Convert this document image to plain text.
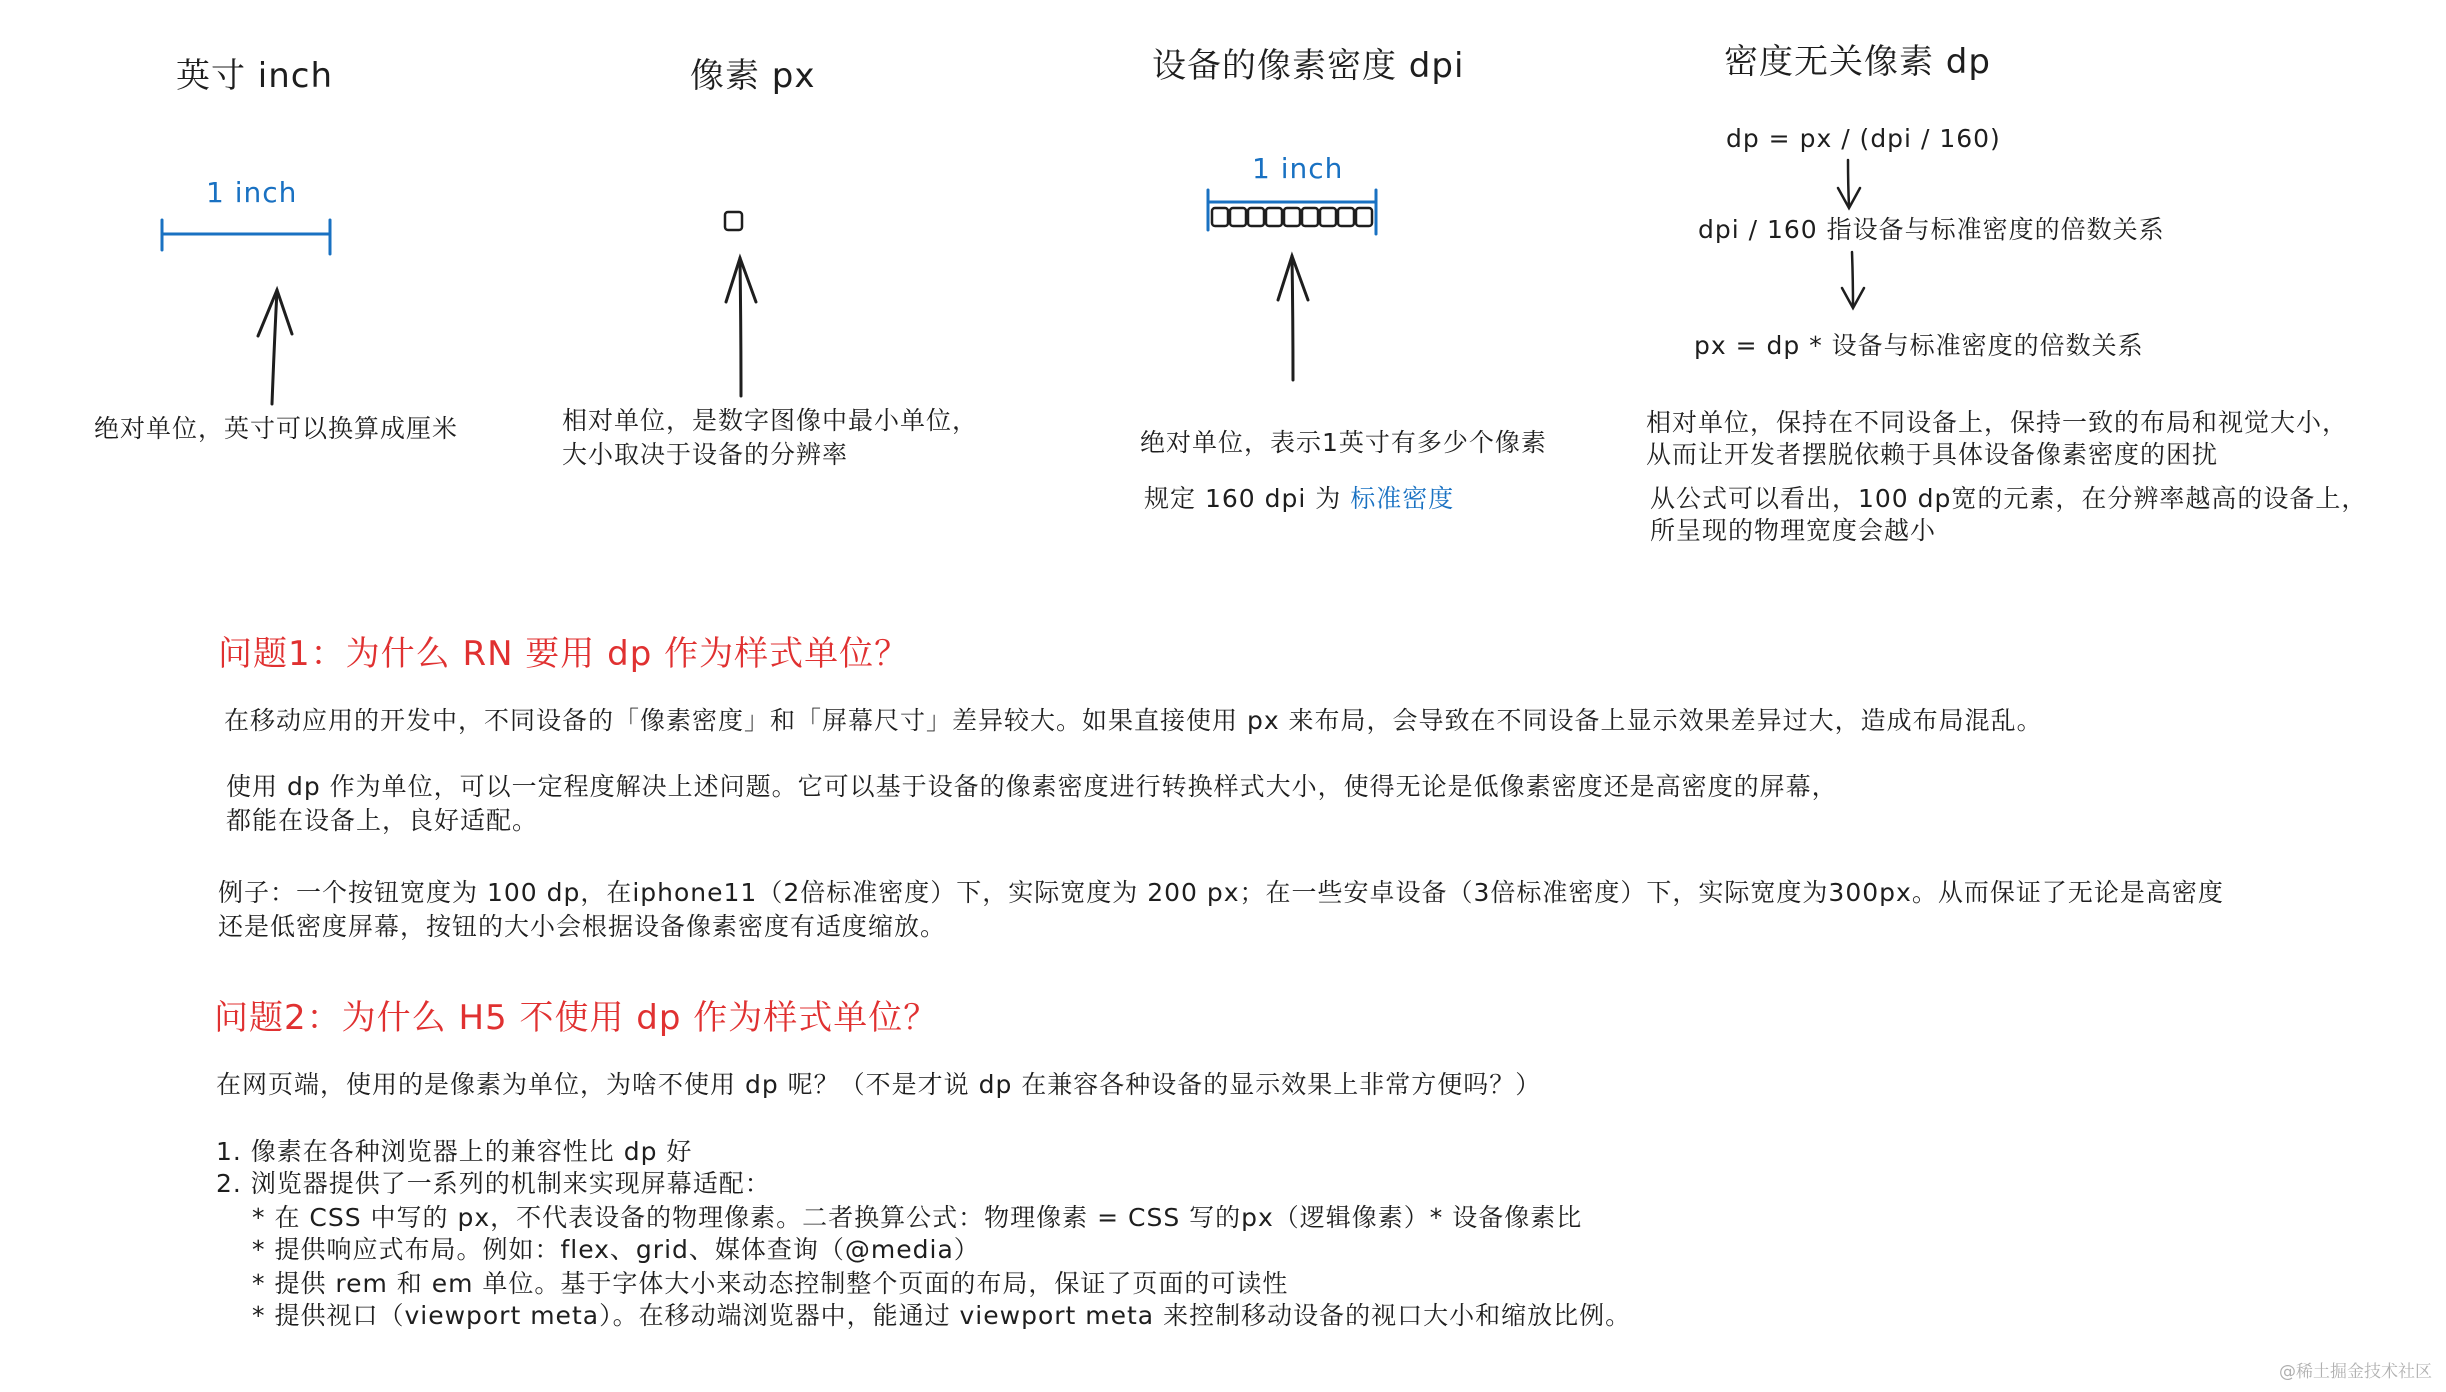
英寸 inch
1 inch
绝对单位，英寸可以换算成厘米
像素 px
相对单位，是数字图像中最小单位，
大小取决于设备的分辨率
设备的像素密度 dpi
1 inch
绝对单位，表示1英寸有多少个像素
规定 160 dpi 为 标准密度
密度无关像素 dp
dp = px / (dpi / 160)
dpi / 160 指设备与标准密度的倍数关系
px = dp * 设备与标准密度的倍数关系
相对单位，保持在不同设备上，保持一致的布局和视觉大小，
从而让开发者摆脱依赖于具体设备像素密度的困扰
从公式可以看出，100 dp宽的元素，在分辨率越高的设备上，
所呈现的物理宽度会越小
问题1：为什么 RN 要用 dp 作为样式单位？
在移动应用的开发中，不同设备的「像素密度」和「屏幕尺寸」差异较大。如果直接使用 px 来布局，会导致在不同设备上显示效果差异过大，造成布局混乱。
使用 dp 作为单位，可以一定程度解决上述问题。它可以基于设备的像素密度进行转换样式大小，使得无论是低像素密度还是高密度的屏幕，
都能在设备上，良好适配。
例子：一个按钮宽度为 100 dp，在iphone11（2倍标准密度）下，实际宽度为 200 px；在一些安卓设备（3倍标准密度）下，实际宽度为300px。从而保证了无论是高密度
还是低密度屏幕，按钮的大小会根据设备像素密度有适度缩放。
问题2：为什么 H5 不使用 dp 作为样式单位？
在网页端，使用的是像素为单位，为啥不使用 dp 呢？（不是才说 dp 在兼容各种设备的显示效果上非常方便吗？）
1. 像素在各种浏览器上的兼容性比 dp 好
2. 浏览器提供了一系列的机制来实现屏幕适配：
* 在 CSS 中写的 px，不代表设备的物理像素。二者换算公式：物理像素 = CSS 写的px（逻辑像素）* 设备像素比
* 提供响应式布局。例如：flex、grid、媒体查询（@media）
* 提供 rem 和 em 单位。基于字体大小来动态控制整个页面的布局，保证了页面的可读性
* 提供视口（viewport meta）。在移动端浏览器中，能通过 viewport meta 来控制移动设备的视口大小和缩放比例。
@稀土掘金技术社区
